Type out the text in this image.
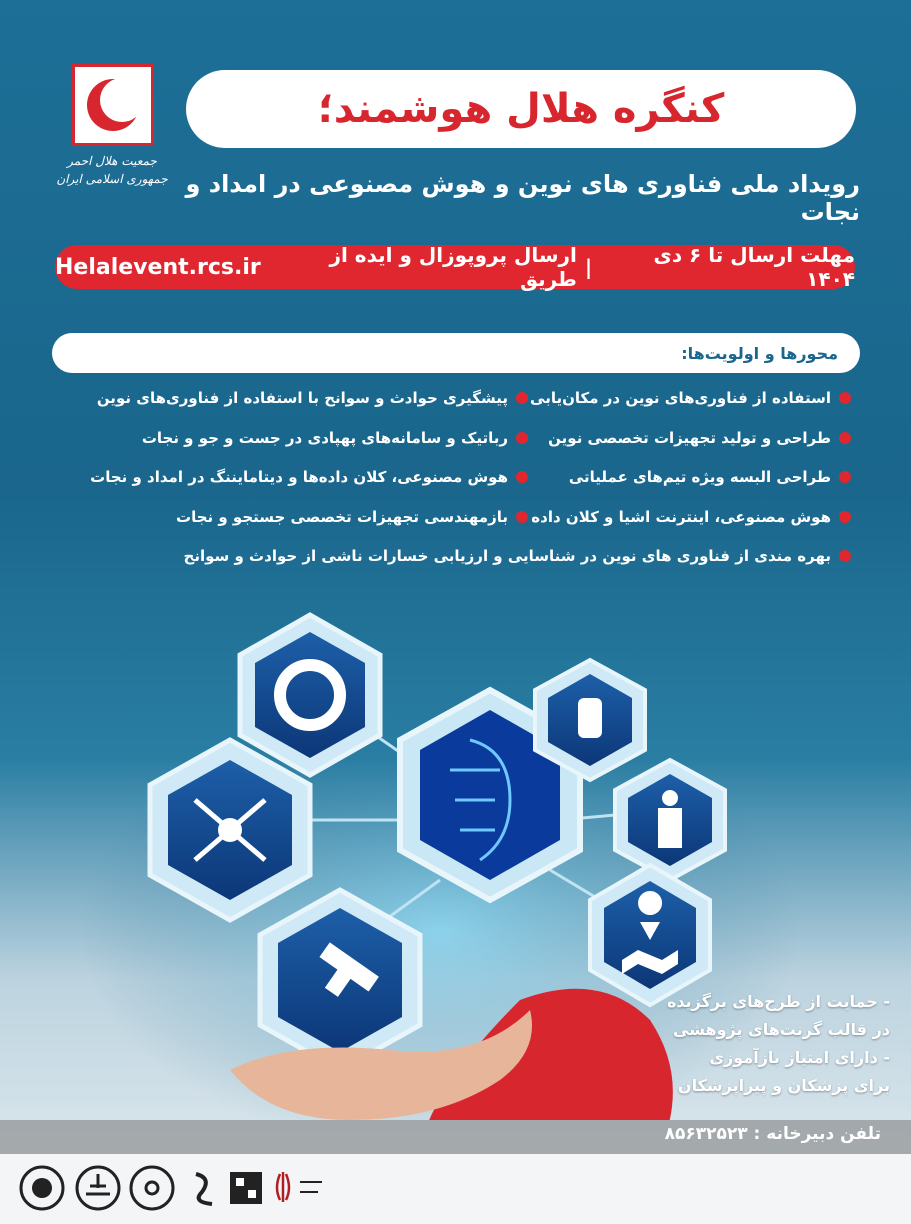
جمعیت هلال احمر
جمهوری اسلامی ایران
کنگره هلال هوشمند؛
رویداد ملی فناوری های نوین و هوش مصنوعی در امداد و نجات
مهلت ارسال تا ۶ دی ۱۴۰۴
|
ارسال پروپوزال و ایده از طریق
Helalevent.rcs.ir
محورها و اولویت‌ها:
استفاده از فناوری‌های نوین در مکان‌یابی
طراحی و تولید تجهیزات تخصصی نوین
طراحی البسه ویژه تیم‌های عملیاتی
هوش مصنوعی، اینترنت اشیا و کلان داده
پیشگیری حوادث و سوانح با استفاده از فناوری‌های نوین
رباتیک و سامانه‌های پهپادی در جست و جو و نجات
هوش مصنوعی، کلان داده‌ها و دیتامایننگ در امداد و نجات
بازمهندسی تجهیزات تخصصی جستجو و نجات
بهره مندی از فناوری های نوین در شناسایی و ارزیابی خسارات ناشی از حوادث و سوانح
- حمایت از طرح‌های برگزیده
در قالب گرنت‌های پژوهشی
- دارای امتیاز بازآموزی
برای پزشکان و پیراپزشکان
تلفن دبیرخانه : ۸۵۶۳۲۵۲۳
